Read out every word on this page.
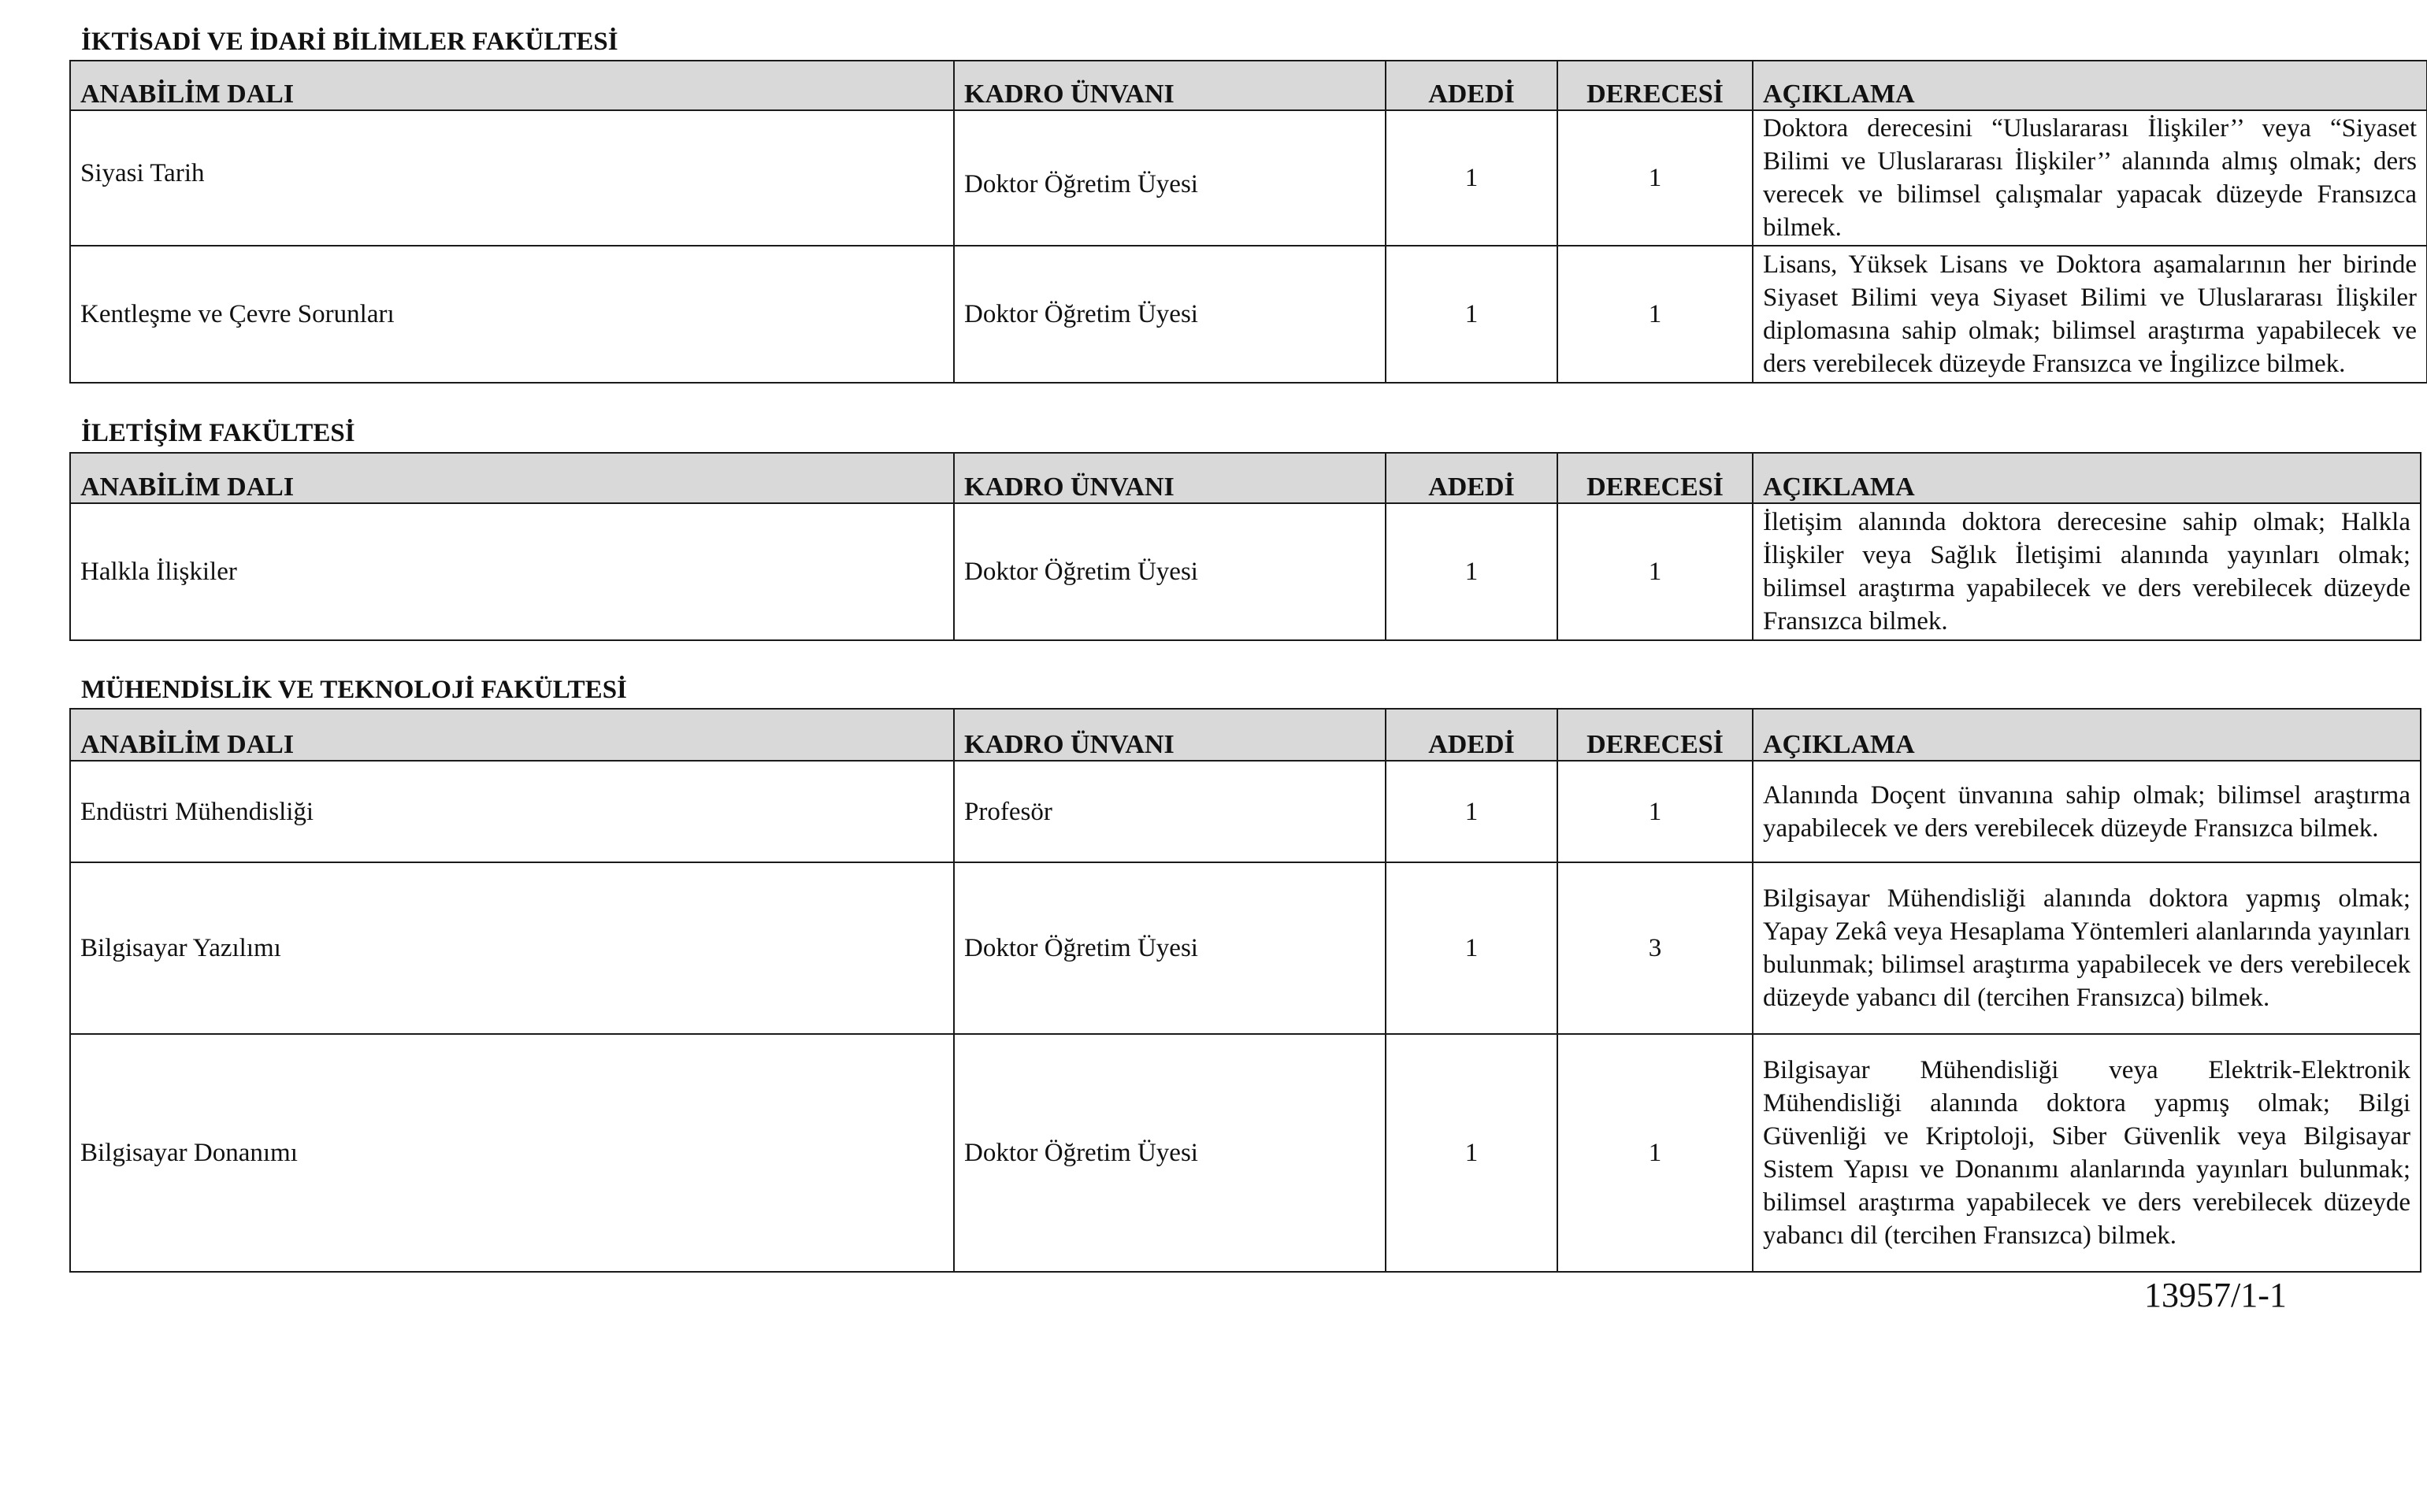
İKTİSADİ VE İDARİ BİLİMLER FAKÜLTESİ
ANABİLİM DALI	KADRO ÜNVANI	ADEDİ	DERECESİ	AÇIKLAMA
Siyasi Tarih	Doktor Öğretim Üyesi	1	1	Doktora derecesini “Uluslararası İlişkiler’’ veya “Siyaset Bilimi ve Uluslararası İlişkiler’’ alanında almış olmak; ders verecek ve bilimsel çalışmalar yapacak düzeyde Fransızca bilmek.
Kentleşme ve Çevre Sorunları	Doktor Öğretim Üyesi	1	1	Lisans, Yüksek Lisans ve Doktora aşamalarının her birinde Siyaset Bilimi veya Siyaset Bilimi ve Uluslararası İlişkiler diplomasına sahip olmak; bilimsel araştırma yapabilecek ve ders verebilecek düzeyde Fransızca ve İngilizce bilmek.
İLETİŞİM FAKÜLTESİ
ANABİLİM DALI	KADRO ÜNVANI	ADEDİ	DERECESİ	AÇIKLAMA
Halkla İlişkiler	Doktor Öğretim Üyesi	1	1	İletişim alanında doktora derecesine sahip olmak; Halkla İlişkiler veya Sağlık İletişimi alanında yayınları olmak; bilimsel araştırma yapabilecek ve ders verebilecek düzeyde Fransızca bilmek.
MÜHENDİSLİK VE TEKNOLOJİ FAKÜLTESİ
ANABİLİM DALI	KADRO ÜNVANI	ADEDİ	DERECESİ	AÇIKLAMA
Endüstri Mühendisliği	Profesör	1	1	Alanında Doçent ünvanına sahip olmak; bilimsel araştırma yapabilecek ve ders verebilecek düzeyde Fransızca bilmek.
Bilgisayar Yazılımı	Doktor Öğretim Üyesi	1	3	Bilgisayar Mühendisliği alanında doktora yapmış olmak; Yapay Zekâ veya Hesaplama Yöntemleri alanlarında yayınları bulunmak; bilimsel araştırma yapabilecek ve ders verebilecek düzeyde yabancı dil (tercihen Fransızca) bilmek.
Bilgisayar Donanımı	Doktor Öğretim Üyesi	1	1	Bilgisayar Mühendisliği veya Elektrik-Elektronik Mühendisliği alanında doktora yapmış olmak; Bilgi Güvenliği ve Kriptoloji, Siber Güvenlik veya Bilgisayar Sistem Yapısı ve Donanımı alanlarında yayınları bulunmak; bilimsel araştırma yapabilecek ve ders verebilecek düzeyde yabancı dil (tercihen Fransızca) bilmek.
13957/1-1
